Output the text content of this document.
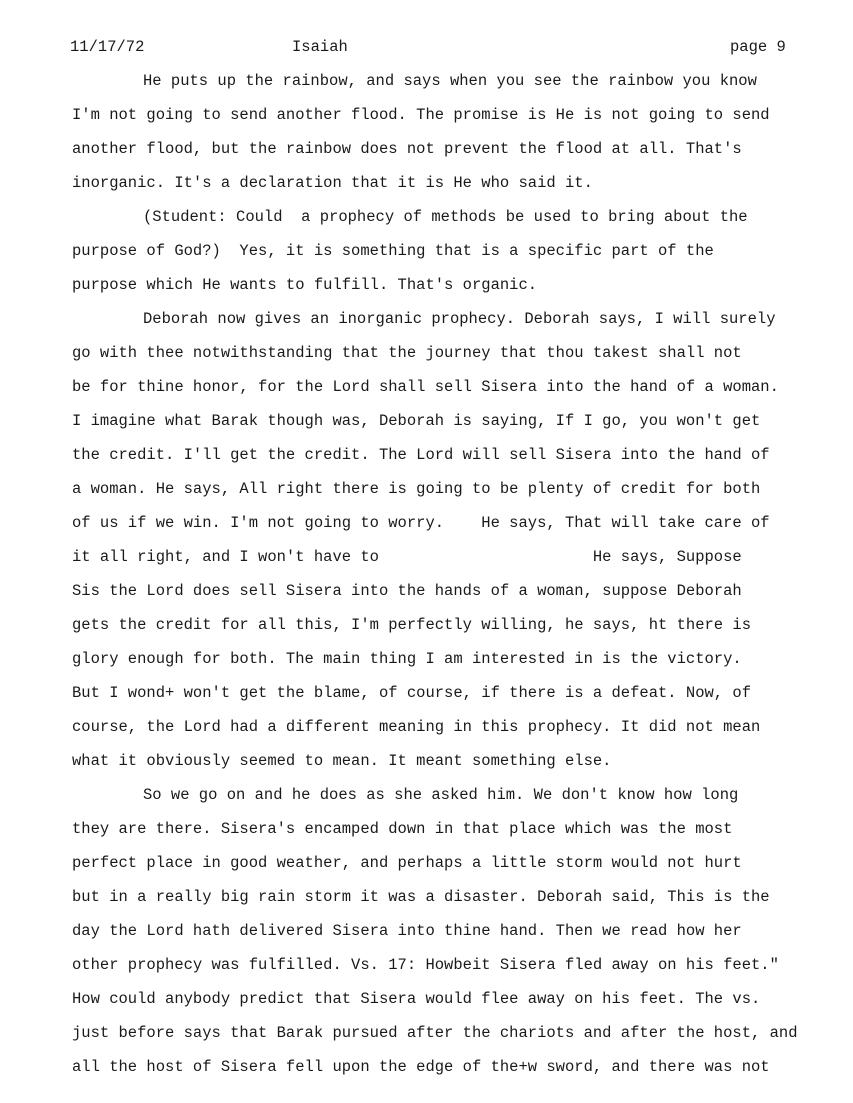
11/17/72	Isaiah	page 9
He puts up the rainbow, and says when you see the rainbow you know
I'm not going to send another flood. The promise is He is not going to send
another flood, but the rainbow does not prevent the flood at all. That's
inorganic. It's a declaration that it is He who said it.
(Student: Could  a prophecy of methods be used to bring about the
purpose of God?)  Yes, it is something that is a specific part of the
purpose which He wants to fulfill. That's organic.
Deborah now gives an inorganic prophecy. Deborah says, I will surely
go with thee notwithstanding that the journey that thou takest shall not
be for thine honor, for the Lord shall sell Sisera into the hand of a woman.
I imagine what Barak though was, Deborah is saying, If I go, you won't get
the credit. I'll get the credit. The Lord will sell Sisera into the hand of
a woman. He says, All right there is going to be plenty of credit for both
of us if we win. I'm not going to worry.    He says, That will take care of
it all right, and I won't have to                       He says, Suppose
Sis the Lord does sell Sisera into the hands of a woman, suppose Deborah
gets the credit for all this, I'm perfectly willing, he says, ht there is
glory enough for both. The main thing I am interested in is the victory.
But I wond+ won't get the blame, of course, if there is a defeat. Now, of
course, the Lord had a different meaning in this prophecy. It did not mean
what it obviously seemed to mean. It meant something else.
So we go on and he does as she asked him. We don't know how long
they are there. Sisera's encamped down in that place which was the most
perfect place in good weather, and perhaps a little storm would not hurt
but in a really big rain storm it was a disaster. Deborah said, This is the
day the Lord hath delivered Sisera into thine hand. Then we read how her
other prophecy was fulfilled. Vs. 17: Howbeit Sisera fled away on his feet."
How could anybody predict that Sisera would flee away on his feet. The vs.
just before says that Barak pursued after the chariots and after the host, and
all the host of Sisera fell upon the edge of the+w sword, and there was not
